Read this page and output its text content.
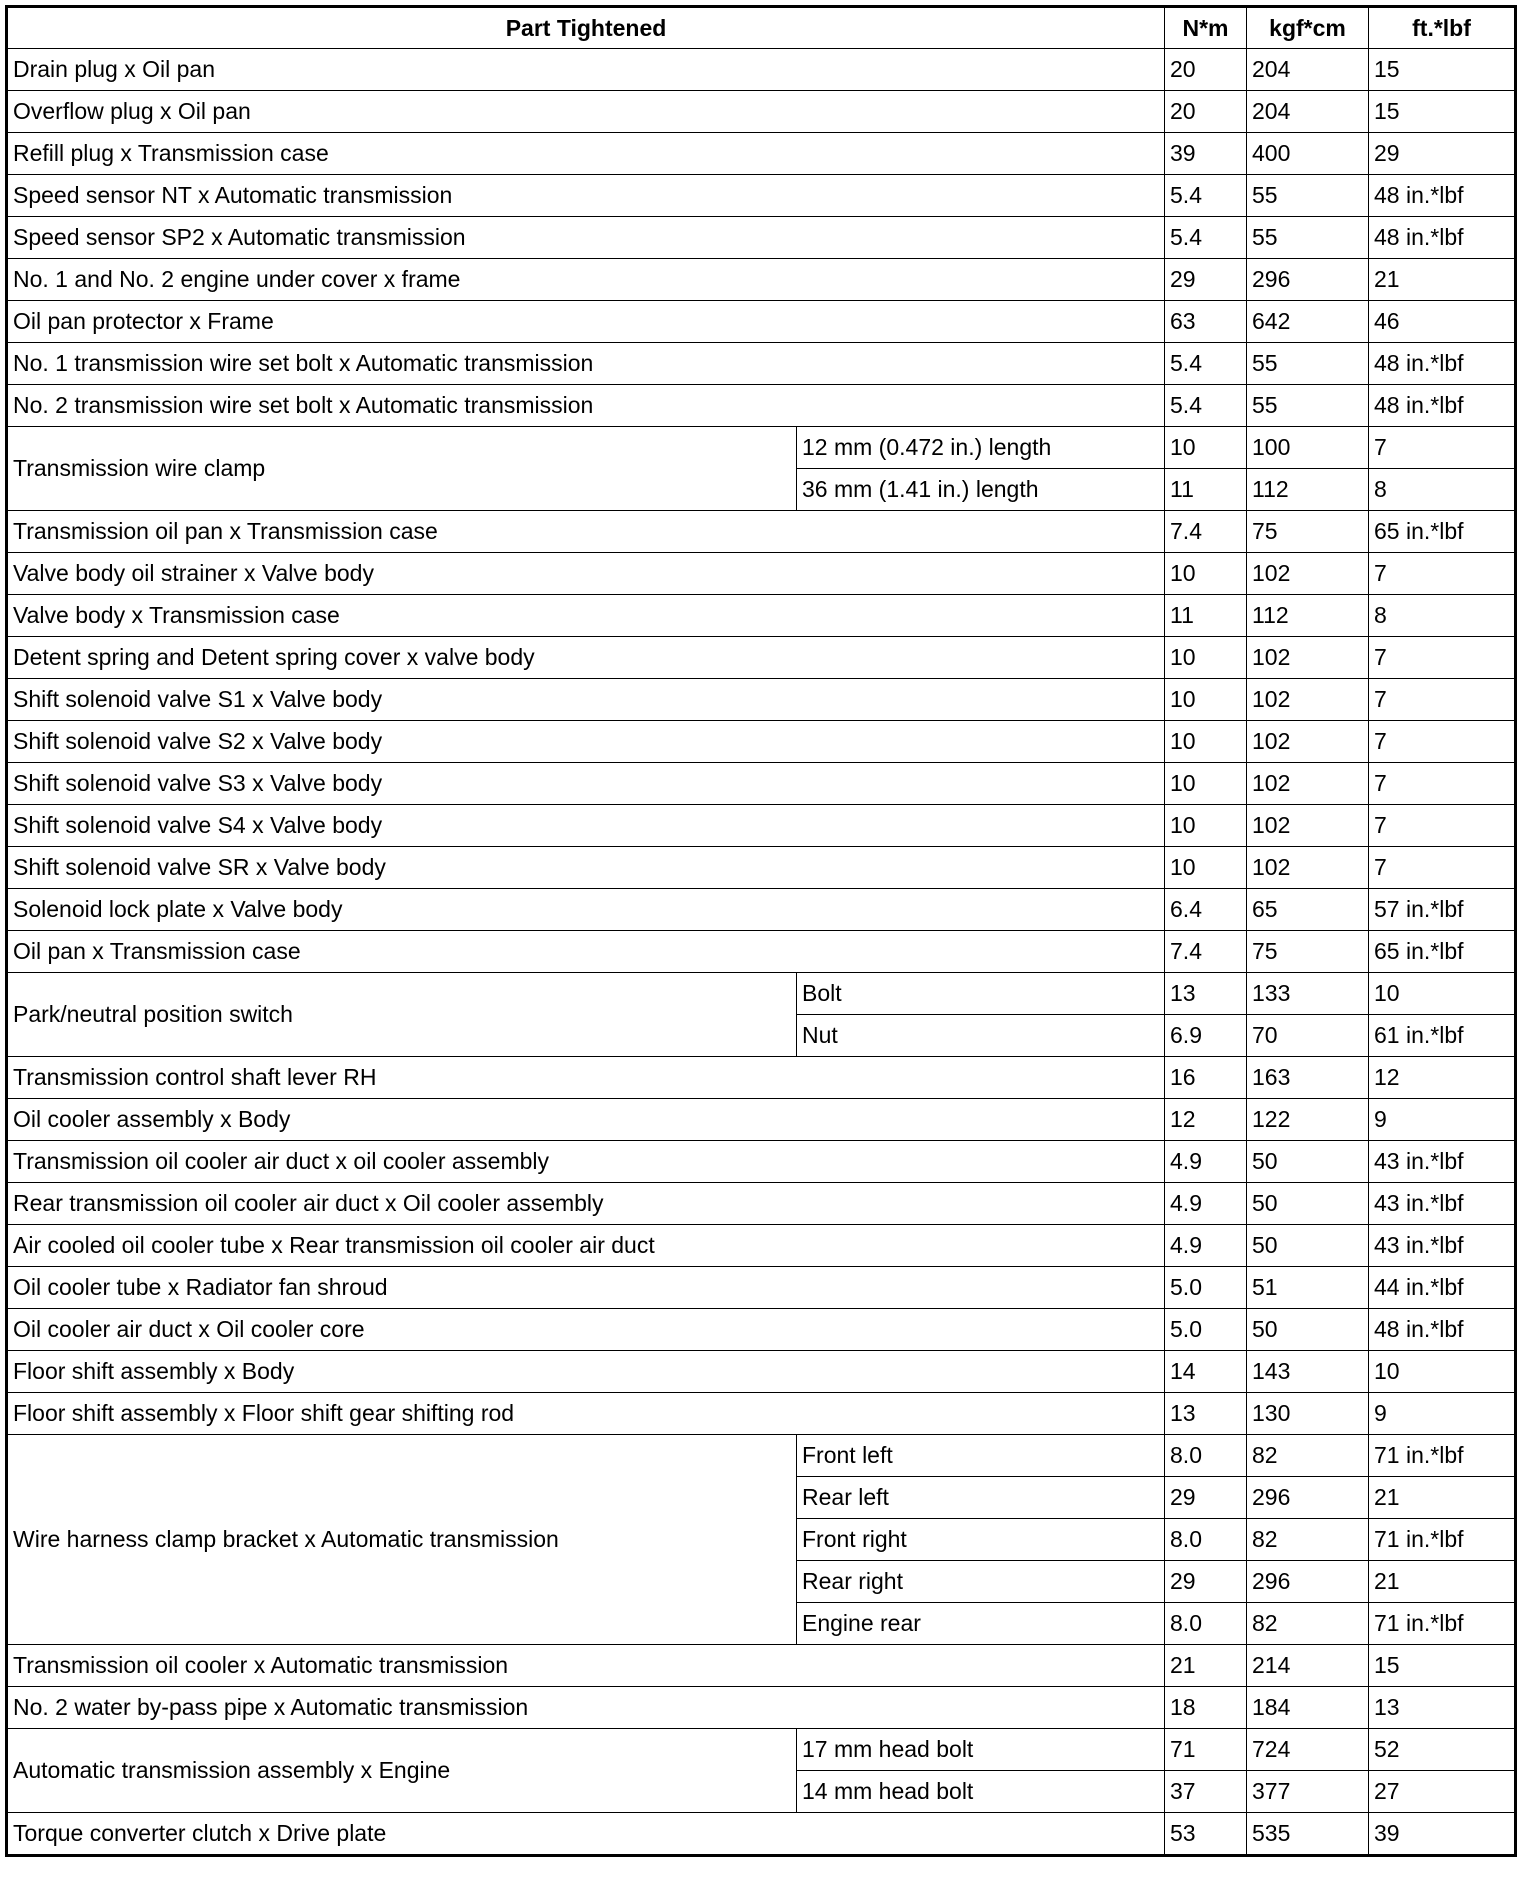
Part Tightened		N*m	kgf*cm	ft.*lbf
Drain plug x Oil pan		20	204	15
Overflow plug x Oil pan		20	204	15
Refill plug x Transmission case		39	400	29
Speed sensor NT x Automatic transmission		5.4	55	48 in.*lbf
Speed sensor SP2 x Automatic transmission		5.4	55	48 in.*lbf
No. 1 and No. 2 engine under cover x frame		29	296	21
Oil pan protector x Frame		63	642	46
No. 1 transmission wire set bolt x Automatic transmission		5.4	55	48 in.*lbf
No. 2 transmission wire set bolt x Automatic transmission		5.4	55	48 in.*lbf
Transmission wire clamp	12 mm (0.472 in.) length	10	100	7
	36 mm (1.41 in.) length	11	112	8
Transmission oil pan x Transmission case		7.4	75	65 in.*lbf
Valve body oil strainer x Valve body		10	102	7
Valve body x Transmission case		11	112	8
Detent spring and Detent spring cover x valve body		10	102	7
Shift solenoid valve S1 x Valve body		10	102	7
Shift solenoid valve S2 x Valve body		10	102	7
Shift solenoid valve S3 x Valve body		10	102	7
Shift solenoid valve S4 x Valve body		10	102	7
Shift solenoid valve SR x Valve body		10	102	7
Solenoid lock plate x Valve body		6.4	65	57 in.*lbf
Oil pan x Transmission case		7.4	75	65 in.*lbf
Park/neutral position switch	Bolt	13	133	10
	Nut	6.9	70	61 in.*lbf
Transmission control shaft lever RH		16	163	12
Oil cooler assembly x Body		12	122	9
Transmission oil cooler air duct x oil cooler assembly		4.9	50	43 in.*lbf
Rear transmission oil cooler air duct x Oil cooler assembly		4.9	50	43 in.*lbf
Air cooled oil cooler tube x Rear transmission oil cooler air duct		4.9	50	43 in.*lbf
Oil cooler tube x Radiator fan shroud		5.0	51	44 in.*lbf
Oil cooler air duct x Oil cooler core		5.0	50	48 in.*lbf
Floor shift assembly x Body		14	143	10
Floor shift assembly x Floor shift gear shifting rod		13	130	9
Wire harness clamp bracket x Automatic transmission	Front left	8.0	82	71 in.*lbf
	Rear left	29	296	21
	Front right	8.0	82	71 in.*lbf
	Rear right	29	296	21
	Engine rear	8.0	82	71 in.*lbf
Transmission oil cooler x Automatic transmission		21	214	15
No. 2 water by-pass pipe x Automatic transmission		18	184	13
Automatic transmission assembly x Engine	17 mm head bolt	71	724	52
	14 mm head bolt	37	377	27
Torque converter clutch x Drive plate		53	535	39
